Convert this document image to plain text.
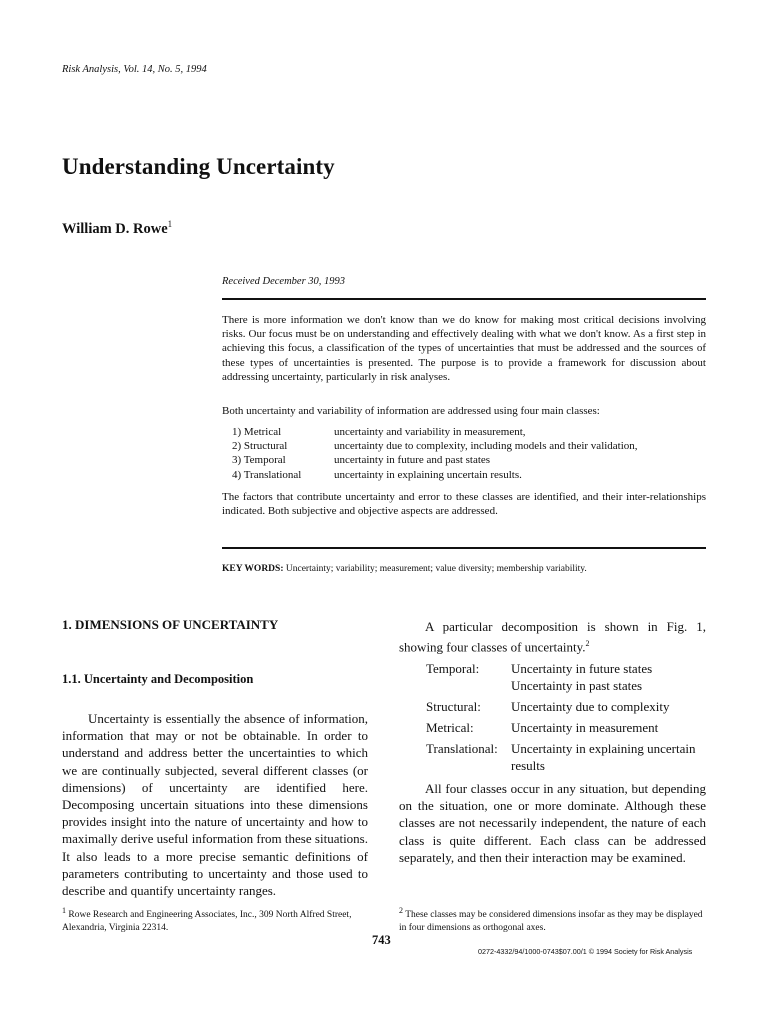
Risk Analysis, Vol. 14, No. 5, 1994
Understanding Uncertainty
William D. Rowe$^1$
Received December 30, 1993
There is more information we don't know than we do know for making most critical decisions involving risks. Our focus must be on understanding and effectively dealing with what we don't know. As a first step in achieving this focus, a classification of the types of uncertainties that must be addressed and the sources of these types of uncertainties is presented. The purpose is to provide a framework for discussion about addressing uncertainty, particularly in risk analyses.
Both uncertainty and variability of information are addressed using four main classes:
1) Metrical	uncertainty and variability in measurement,
2) Structural	uncertainty due to complexity, including models and their validation,
3) Temporal	uncertainty in future and past states
4) Translational	uncertainty in explaining uncertain results.
The factors that contribute uncertainty and error to these classes are identified, and their inter-relationships indicated. Both subjective and objective aspects are addressed.
KEY WORDS: Uncertainty; variability; measurement; value diversity; membership variability.
1. DIMENSIONS OF UNCERTAINTY
1.1. Uncertainty and Decomposition
Uncertainty is essentially the absence of information, information that may or not be obtainable. In order to understand and address better the uncertainties to which we are continually subjected, several different classes (or dimensions) of uncertainty are identified here. Decomposing uncertain situations into these dimensions provides insight into the nature of uncertainty and how to maximally derive useful information from these situations. It also leads to a more precise semantic definitions of parameters contributing to uncertainty and those used to describe and quantify uncertainty ranges.
A particular decomposition is shown in Fig. 1, showing four classes of uncertainty.$^2$
Temporal:	Uncertainty in future states
Uncertainty in past states
Structural:	Uncertainty due to complexity
Metrical:	Uncertainty in measurement
Translational:	Uncertainty in explaining uncertain
results
All four classes occur in any situation, but depending on the situation, one or more dominate. Although these classes are not necessarily independent, the nature of each class is quite different. Each class can be addressed separately, and then their interaction may be examined.
$^1$ Rowe Research and Engineering Associates, Inc., 309 North Alfred Street, Alexandria, Virginia 22314.
$^2$ These classes may be considered dimensions insofar as they may be displayed in four dimensions as orthogonal axes.
743
0272-4332/94/1000-0743$07.00/1 © 1994 Society for Risk Analysis
